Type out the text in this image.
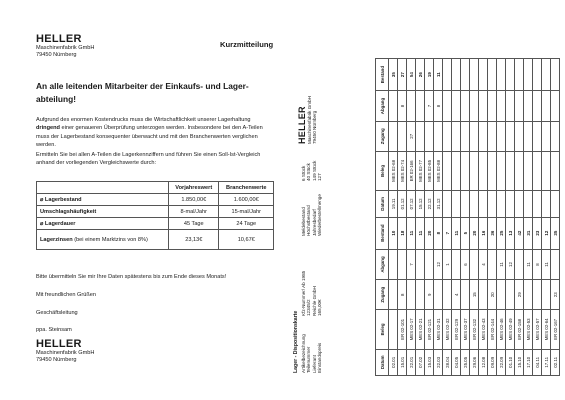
HELLER
Maschinenfabrik GmbH
79450 Nürnberg
Kurzmitteilung
An alle leitenden Mitarbeiter der Einkaufs- und Lager-abteilung!
Aufgrund des enormen Kostendrucks muss die Wirtschaftlichkeit unserer Lagerhaltung dringend einer genaueren Überprüfung unterzogen werden. Insbesondere bei den A-Teilen muss der Lagerbestand konsequenter überwacht und mit den Branchenwerten verglichen werden.
Ermitteln Sie bei allen A-Teilen die Lagerkennziffern und führen Sie einen Soll-Ist-Vergleich anhand der vorliegenden Vergleichswerte durch:
	Vorjahreswert	Branchenwerte
⌀ Lagerbestand	1.850,00€	1.600,00€
Umschlagshäufigkeit	8-mal/Jahr	15-mal/Jahr
⌀ Lagerdauer	45 Tage	24 Tage
Lagerzinsen (bei einem Marktzins von 8%)	23,13€	10,67€
Bitte übermitteln Sie mir Ihre Daten spätestens bis zum Ende dieses Monats!
Mit freundlichen Grüßen
Geschäftsleitung
ppa. Steinsam
HELLER
Maschinenfabrik GmbH
79450 Nürnberg	Lager - Dispositionskarte Artikelbezeichnung Teilenummer Lieferant Einstandspreis
Kfz-Nummer/ Ab 1985 12345/2 Reichle GmbH 165,00€
Meldebestand Höchstbestand Jahresbedarf Wiederbestellmenge
6 Stück 40 Stück 149 Stück 127
HELLER Maschinenfabrik GmbH 79450 Nürnberg
Datum	Beleg	Zugang	Abgang	Bestand	Datum	Beleg	Zugang	Abgang	Bestand
02.01				10	19.11	MES 02-68			35
15.01	ER 02-101	8		18	01.12	MES 02-74		8	27
22.01	MES 02-17		7	11	07.12	ER 02-166	27		54
07.02	MES 02-21			11	15.12	MES 02-77			26
15.03	ER 02-121	9		20	22.12	MES 02-85		7	19
22.03	MES 02-31		12	8	31.12	MES 02-88		8	11
28.04	MES 02-32		1	7					
04.05	ER 02-129	4		11					
25.05	MES 02-37		6	5					
29.06	ER 02-132	15		20					
12.08	MES 02-43		4	16					
09.09	ER 02-144	20		36					
22.09	MES 02-46		11	25					
01.10	MES 02-49		12	13					
15.10	ER 02-158	29		42					
17.10	MES 02-53		11	31					
04.11	MES 02-57		8	23					
17.11	MES 02-64		11	12					
02.11	ER 02-167	23		35					
